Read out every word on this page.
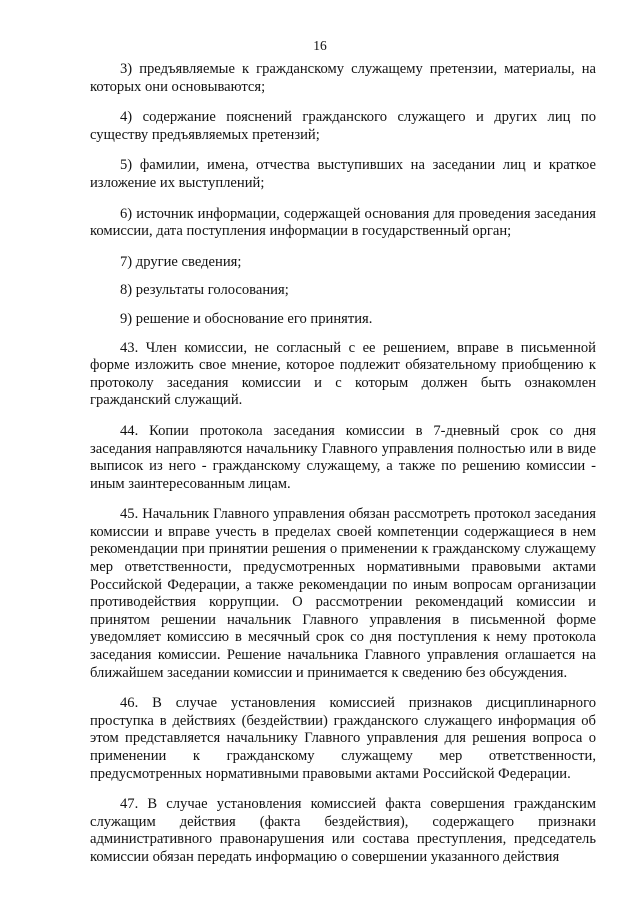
16

3) предъявляемые к гражданскому служащему претензии, материалы, на которых они основываются;

4) содержание пояснений гражданского служащего и других лиц по существу предъявляемых претензий;

5) фамилии, имена, отчества выступивших на заседании лиц и краткое изложение их выступлений;

6) источник информации, содержащей основания для проведения заседания комиссии, дата поступления информации в государственный орган;

7) другие сведения;

8) результаты голосования;

9) решение и обоснование его принятия.

43. Член комиссии, не согласный с ее решением, вправе в письменной форме изложить свое мнение, которое подлежит обязательному приобщению к протоколу заседания комиссии и с которым должен быть ознакомлен гражданский служащий.

44. Копии протокола заседания комиссии в 7-дневный срок со дня заседания направляются начальнику Главного управления полностью или в виде выписок из него - гражданскому служащему, а также по решению комиссии - иным заинтересованным лицам.

45. Начальник Главного управления обязан рассмотреть протокол заседания комиссии и вправе учесть в пределах своей компетенции содержащиеся в нем рекомендации при принятии решения о применении к гражданскому служащему мер ответственности, предусмотренных нормативными правовыми актами Российской Федерации, а также рекомендации по иным вопросам организации противодействия коррупции. О рассмотрении рекомендаций комиссии и принятом решении начальник Главного управления в письменной форме уведомляет комиссию в месячный срок со дня поступления к нему протокола заседания комиссии. Решение начальника Главного управления оглашается на ближайшем заседании комиссии и принимается к сведению без обсуждения.

46. В случае установления комиссией признаков дисциплинарного проступка в действиях (бездействии) гражданского служащего информация об этом представляется начальнику Главного управления для решения вопроса о применении к гражданскому служащему мер ответственности, предусмотренных нормативными правовыми актами Российской Федерации.

47. В случае установления комиссией факта совершения гражданским служащим действия (факта бездействия), содержащего признаки административного правонарушения или состава преступления, председатель комиссии обязан передать информацию о совершении указанного действия
